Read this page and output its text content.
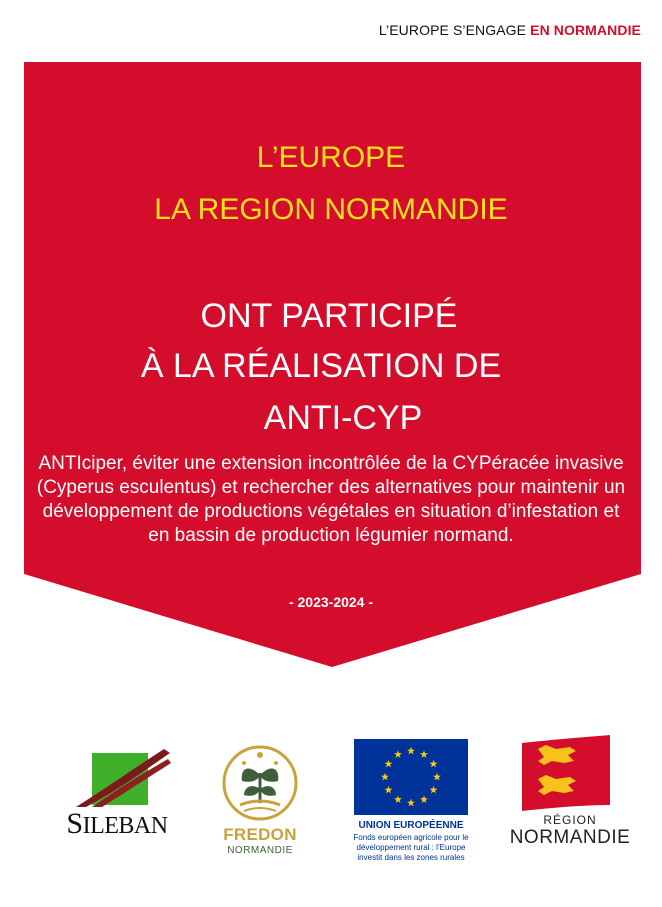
L’EUROPE S’ENGAGE EN NORMANDIE
L’EUROPE
LA REGION NORMANDIE
ONT PARTICIPÉ
À LA RÉALISATION DE
ANTI-CYP
ANTIciper, éviter une extension incontrôlée de la CYPéracée invasive (Cyperus esculentus) et rechercher des alternatives pour maintenir un développement de productions végétales en situation d’infestation et en bassin de production légumier normand.
- 2023-2024 -
SILEBAN	FREDON
NORMANDIE
UNION EUROPÉENNE
Fonds européen agricole pour le développement rural : l’Europe investit dans les zones rurales
RÉGION
NORMANDIE
